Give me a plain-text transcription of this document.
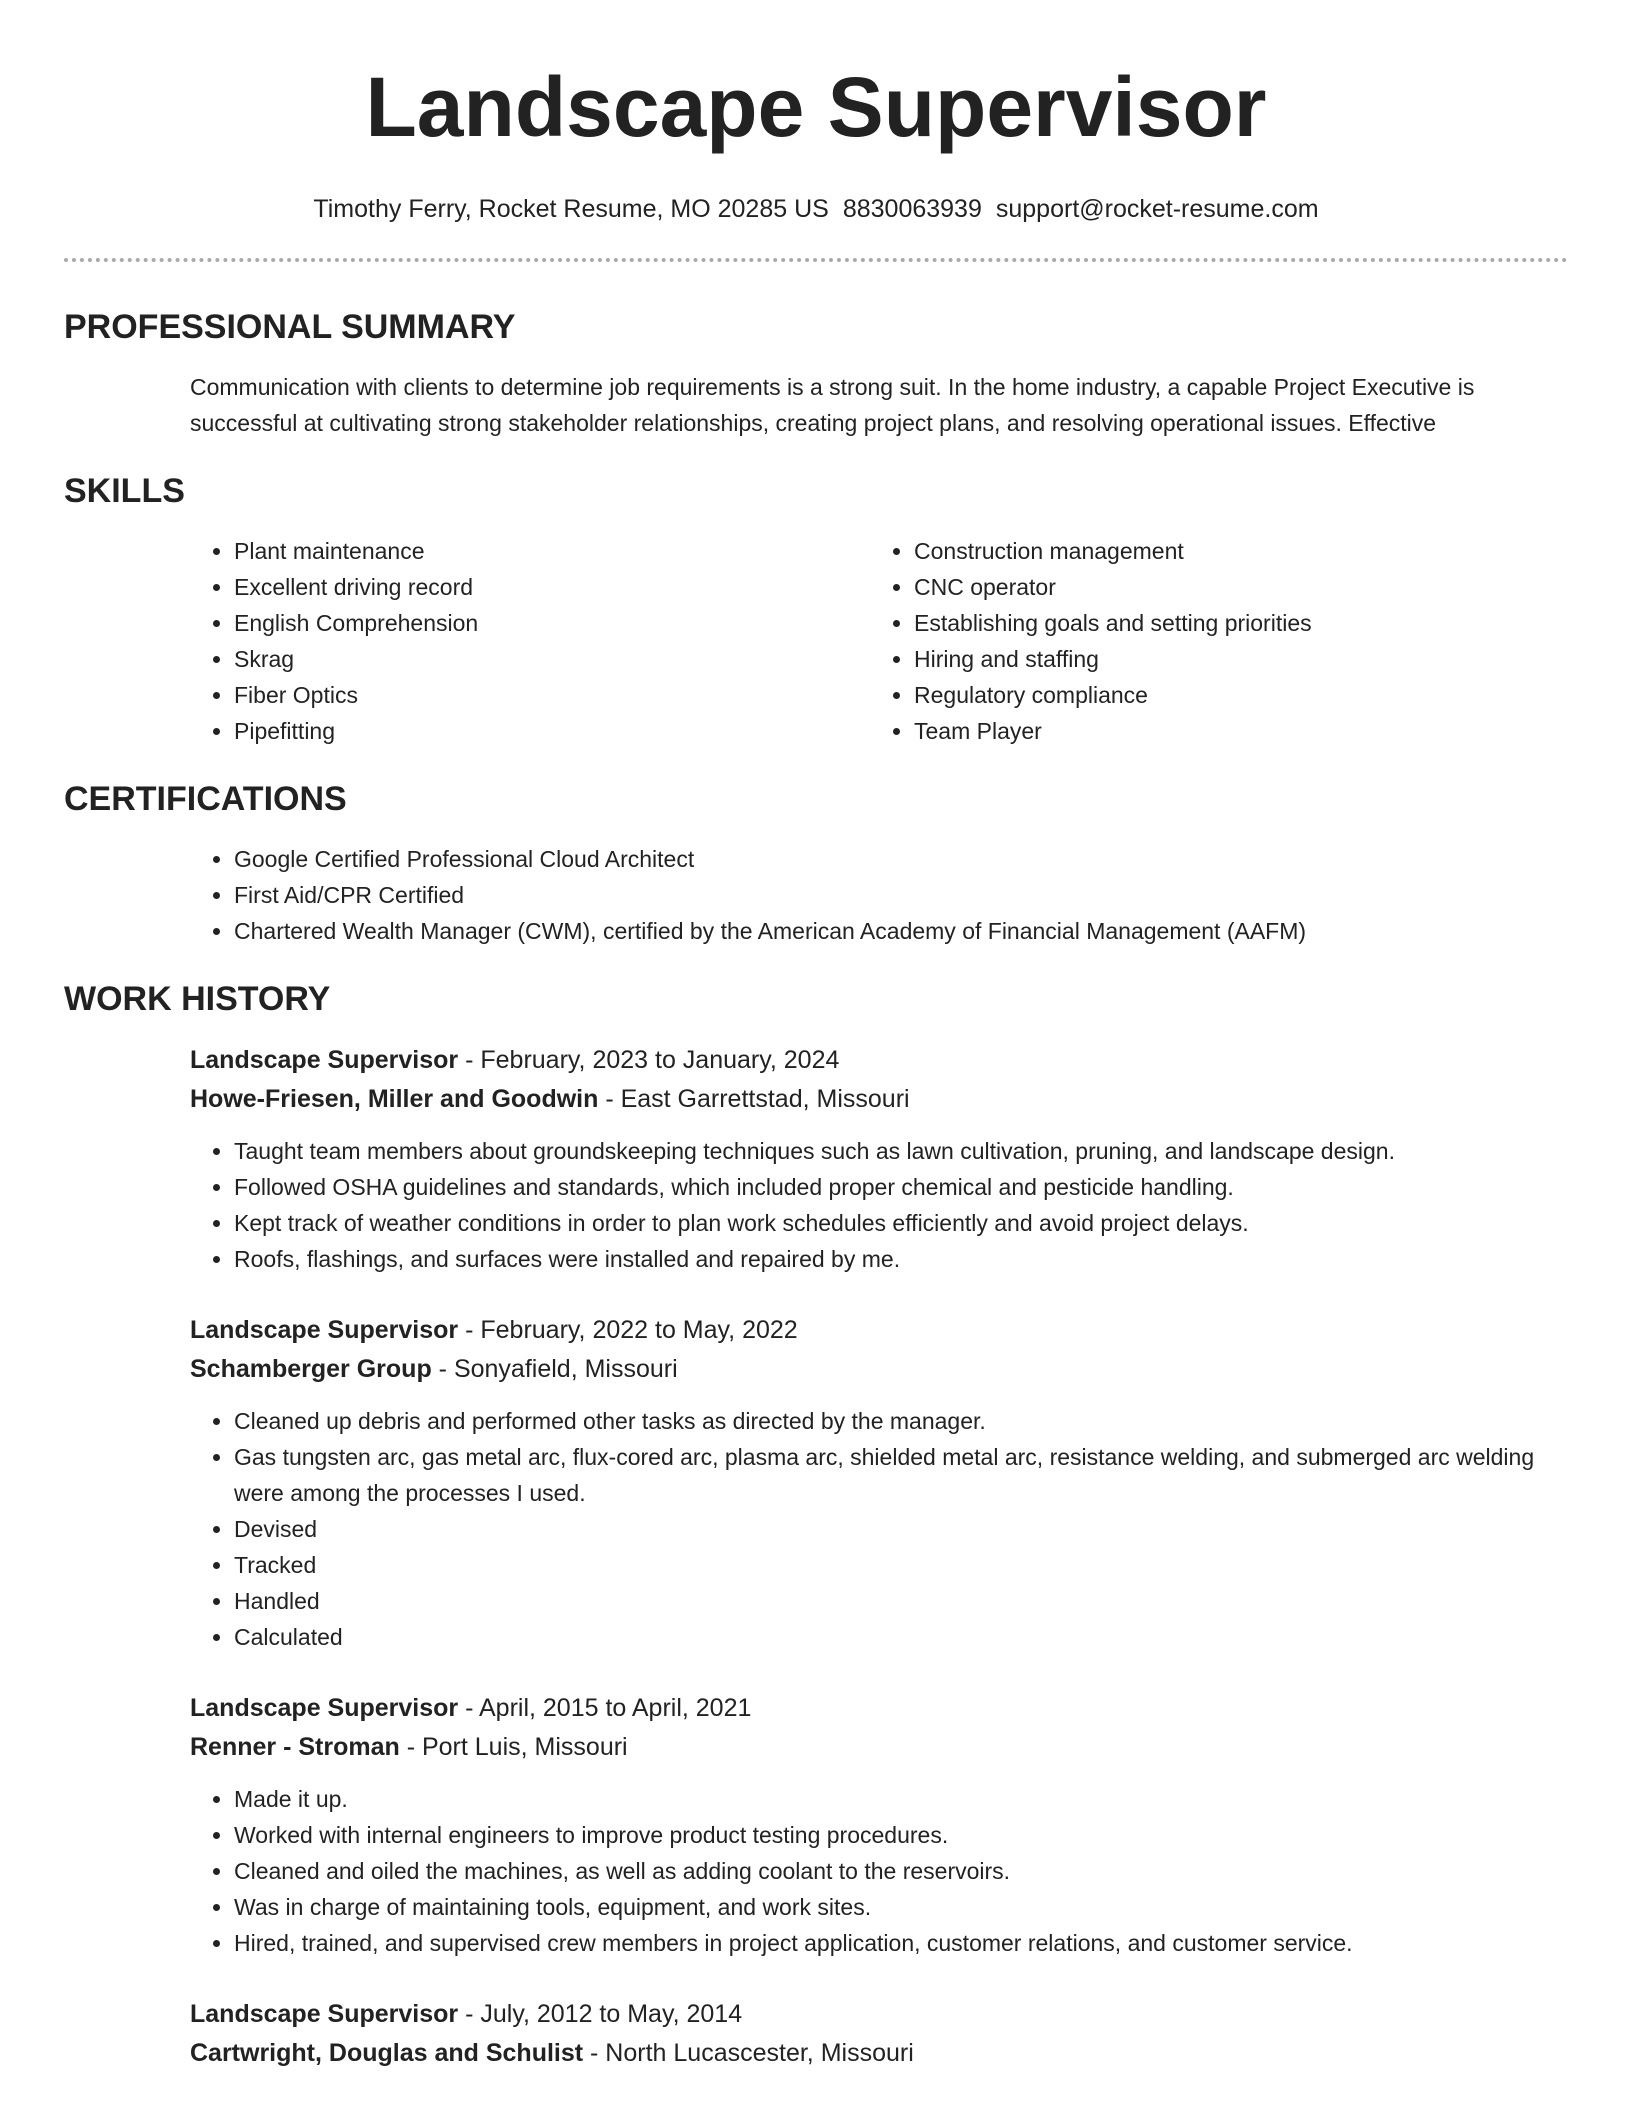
Landscape Supervisor
Timothy Ferry, Rocket Resume, MO 20285 US 8830063939 support@rocket-resume.com
PROFESSIONAL SUMMARY
Communication with clients to determine job requirements is a strong suit. In the home industry, a capable Project Executive is successful at cultivating strong stakeholder relationships, creating project plans, and resolving operational issues. Effective
SKILLS
• Plant maintenance
• Excellent driving record
• English Comprehension
• Skrag
• Fiber Optics
• Pipefitting
• Construction management
• CNC operator
• Establishing goals and setting priorities
• Hiring and staffing
• Regulatory compliance
• Team Player
CERTIFICATIONS
• Google Certified Professional Cloud Architect
• First Aid/CPR Certified
• Chartered Wealth Manager (CWM), certified by the American Academy of Financial Management (AAFM)
WORK HISTORY
Landscape Supervisor - February, 2023 to January, 2024
Howe-Friesen, Miller and Goodwin - East Garrettstad, Missouri
• Taught team members about groundskeeping techniques such as lawn cultivation, pruning, and landscape design.
• Followed OSHA guidelines and standards, which included proper chemical and pesticide handling.
• Kept track of weather conditions in order to plan work schedules efficiently and avoid project delays.
• Roofs, flashings, and surfaces were installed and repaired by me.
Landscape Supervisor - February, 2022 to May, 2022
Schamberger Group - Sonyafield, Missouri
• Cleaned up debris and performed other tasks as directed by the manager.
• Gas tungsten arc, gas metal arc, flux-cored arc, plasma arc, shielded metal arc, resistance welding, and submerged arc welding were among the processes I used.
• Devised
• Tracked
• Handled
• Calculated
Landscape Supervisor - April, 2015 to April, 2021
Renner - Stroman - Port Luis, Missouri
• Made it up.
• Worked with internal engineers to improve product testing procedures.
• Cleaned and oiled the machines, as well as adding coolant to the reservoirs.
• Was in charge of maintaining tools, equipment, and work sites.
• Hired, trained, and supervised crew members in project application, customer relations, and customer service.
Landscape Supervisor - July, 2012 to May, 2014
Cartwright, Douglas and Schulist - North Lucascester, Missouri
